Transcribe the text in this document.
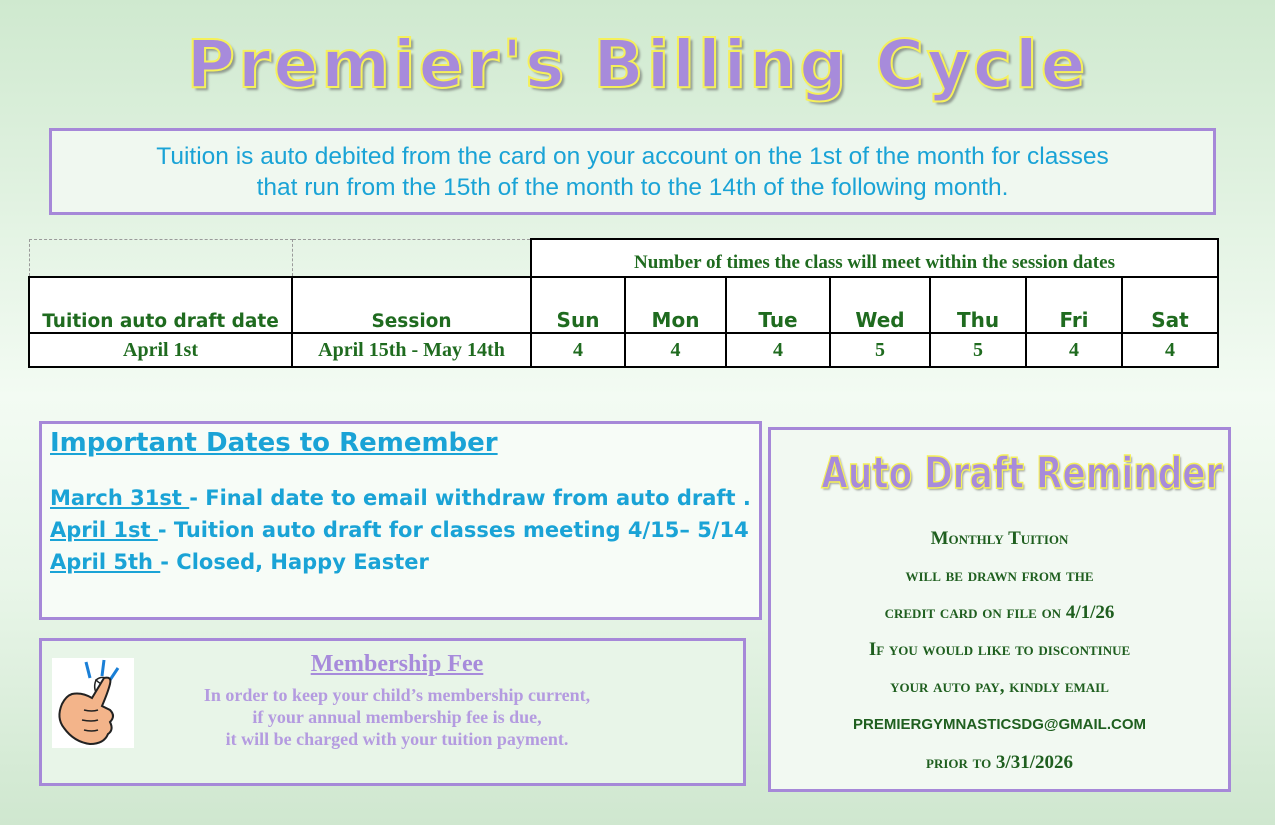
Premier's Billing Cycle
Tuition is auto debited from the card on your account on the 1st of the month for classes
that run from the 15th of the month to the 14th of the following month.
		Number of times the class will meet within the session dates						
Tuition auto draft date	Session	Sun	Mon	Tue	Wed	Thu	Fri	Sat
April 1st	April 15th - May 14th	4	4	4	5	5	4	4
Important Dates to Remember
March 31st - Final date to email withdraw from auto draft .
April 1st - Tuition auto draft for classes meeting 4/15– 5/14
April 5th - Closed, Happy Easter
Membership Fee
In order to keep your child’s membership current,
if your annual membership fee is due,
it will be charged with your tuition payment.
Auto Draft Reminder
Monthly Tuition
will be drawn from the
credit card on file on 4/1/26
If you would like to discontinue
your auto pay, kindly email
PREMIERGYMNASTICSDG@GMAIL.COM
prior to 3/31/2026
